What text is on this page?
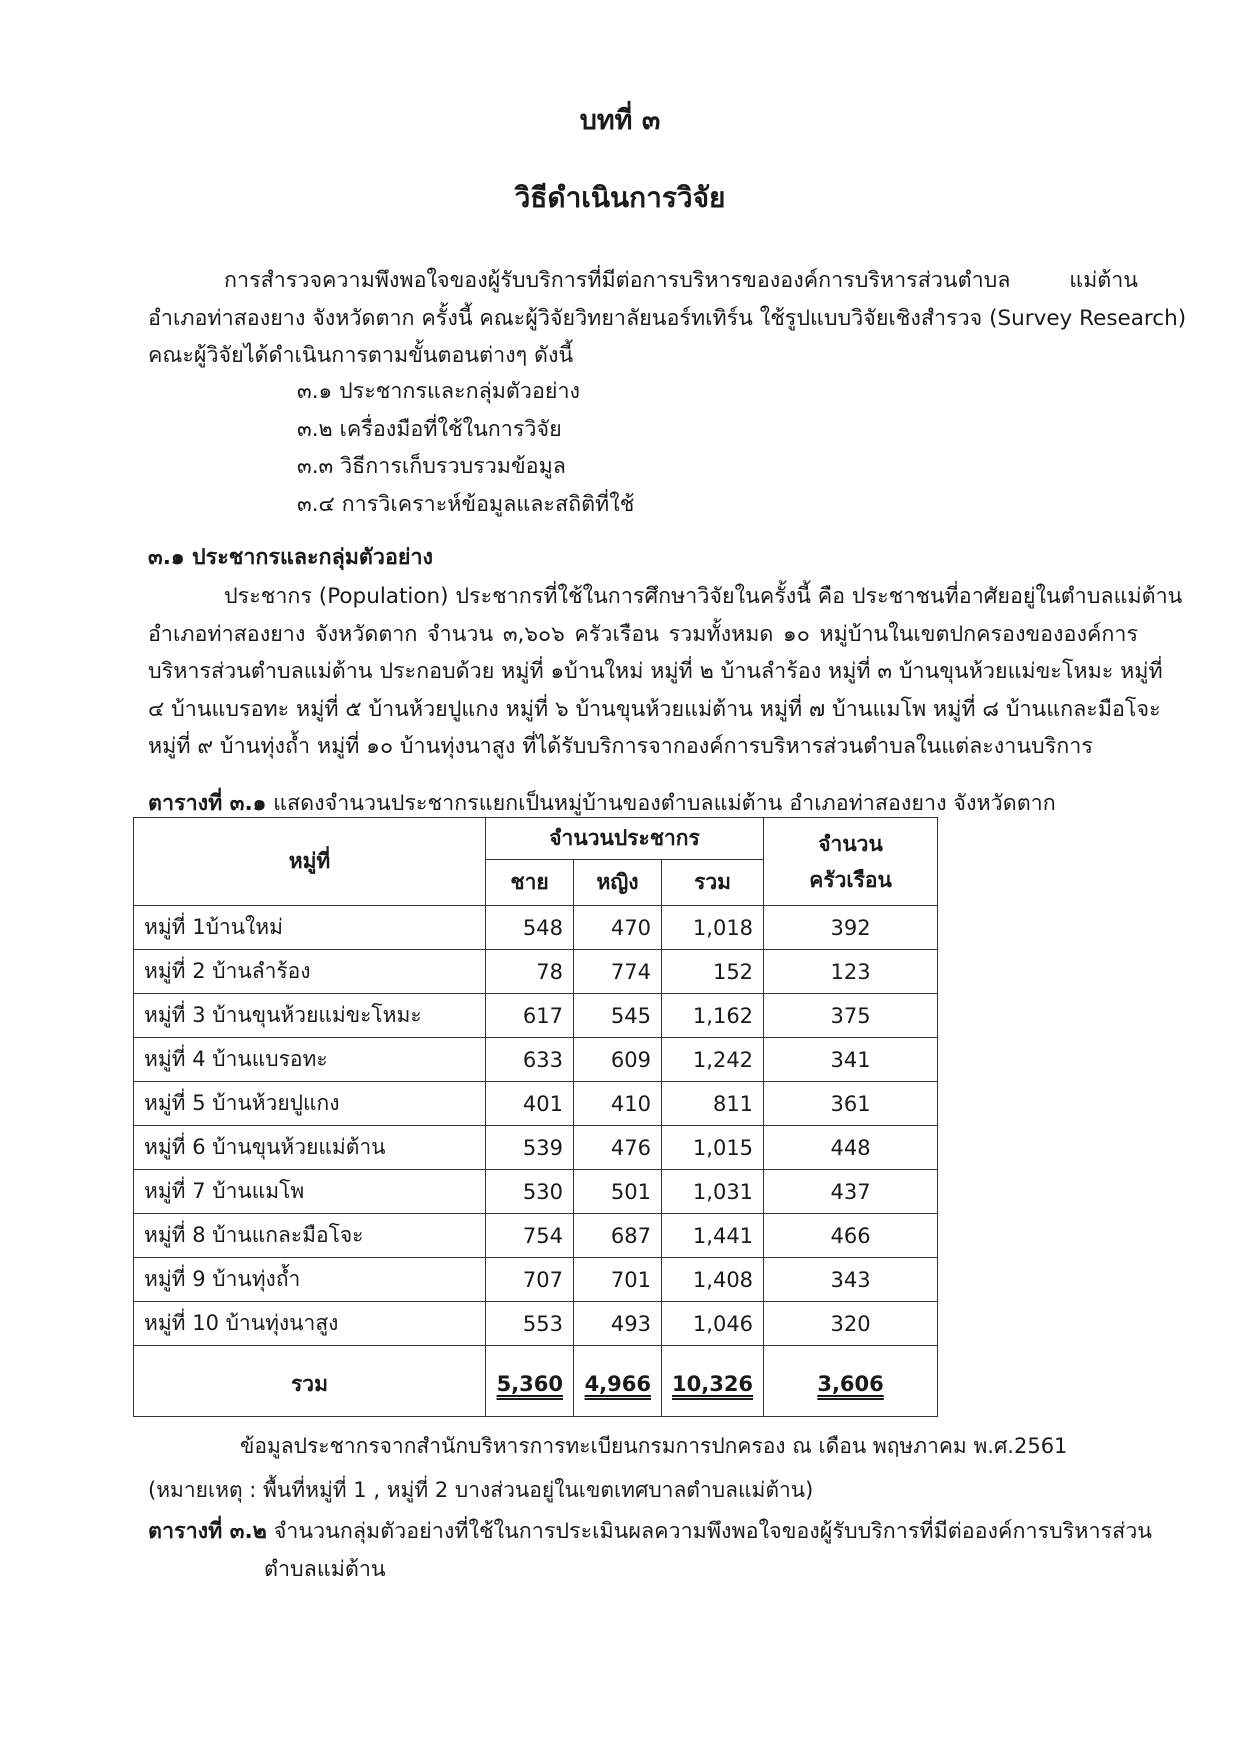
บทที่ ๓
วิธีดำเนินการวิจัย
การสำรวจความพึงพอใจของผู้รับบริการที่มีต่อการบริหารขององค์การบริหารส่วนตำบล แม่ต้าน
อำเภอท่าสองยาง จังหวัดตาก ครั้งนี้ คณะผู้วิจัยวิทยาลัยนอร์ทเทิร์น ใช้รูปแบบวิจัยเชิงสำรวจ (Survey Research)
คณะผู้วิจัยได้ดำเนินการตามขั้นตอนต่างๆ ดังนี้
๓.๑ ประชากรและกลุ่มตัวอย่าง
๓.๒ เครื่องมือที่ใช้ในการวิจัย
๓.๓ วิธีการเก็บรวบรวมข้อมูล
๓.๔ การวิเคราะห์ข้อมูลและสถิติที่ใช้
๓.๑ ประชากรและกลุ่มตัวอย่าง
ประชากร (Population) ประชากรที่ใช้ในการศึกษาวิจัยในครั้งนี้ คือ ประชาชนที่อาศัยอยู่ในตำบลแม่ต้าน
อำเภอท่าสองยาง จังหวัดตาก จำนวน ๓,๖๐๖ ครัวเรือน รวมทั้งหมด ๑๐ หมู่บ้านในเขตปกครองขององค์การ
บริหารส่วนตำบลแม่ต้าน ประกอบด้วย หมู่ที่ ๑บ้านใหม่ หมู่ที่ ๒ บ้านลำร้อง หมู่ที่ ๓ บ้านขุนห้วยแม่ขะโหมะ หมู่ที่
๔ บ้านแบรอทะ หมู่ที่ ๕ บ้านห้วยปูแกง หมู่ที่ ๖ บ้านขุนห้วยแม่ต้าน หมู่ที่ ๗ บ้านแมโพ หมู่ที่ ๘ บ้านแกละมือโจะ
หมู่ที่ ๙ บ้านทุ่งถ้ำ หมู่ที่ ๑๐ บ้านทุ่งนาสูง ที่ได้รับบริการจากองค์การบริหารส่วนตำบลในแต่ละงานบริการ
ตารางที่ ๓.๑ แสดงจำนวนประชากรแยกเป็นหมู่บ้านของตำบลแม่ต้าน อำเภอท่าสองยาง จังหวัดตาก
หมู่ที่	จำนวนประชากร			จำนวน
ครัวเรือน
	ชาย	หญิง	รวม	
หมู่ที่ 1บ้านใหม่	548	470	1,018	392
หมู่ที่ 2 บ้านลำร้อง	78	774	152	123
หมู่ที่ 3 บ้านขุนห้วยแม่ขะโหมะ	617	545	1,162	375
หมู่ที่ 4 บ้านแบรอทะ	633	609	1,242	341
หมู่ที่ 5 บ้านห้วยปูแกง	401	410	811	361
หมู่ที่ 6 บ้านขุนห้วยแม่ต้าน	539	476	1,015	448
หมู่ที่ 7 บ้านแมโพ	530	501	1,031	437
หมู่ที่ 8 บ้านแกละมือโจะ	754	687	1,441	466
หมู่ที่ 9 บ้านทุ่งถ้ำ	707	701	1,408	343
หมู่ที่ 10 บ้านทุ่งนาสูง	553	493	1,046	320
รวม	5,360	4,966	10,326	3,606
ข้อมูลประชากรจากสำนักบริหารการทะเบียนกรมการปกครอง ณ เดือน พฤษภาคม พ.ศ.2561
(หมายเหตุ : พื้นที่หมู่ที่ 1 , หมู่ที่ 2 บางส่วนอยู่ในเขตเทศบาลตำบลแม่ต้าน)
ตารางที่ ๓.๒ จำนวนกลุ่มตัวอย่างที่ใช้ในการประเมินผลความพึงพอใจของผู้รับบริการที่มีต่อองค์การบริหารส่วน
ตำบลแม่ต้าน
